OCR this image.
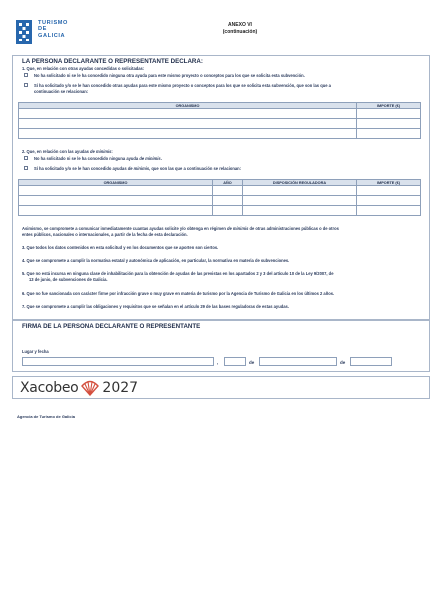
TURISMO
DE
GALICIA
ANEXO VI
(continuación)
LA PERSONA DECLARANTE O REPRESENTANTE DECLARA:
1. Que, en relación con otras ayudas concedidas o solicitadas:
No ha solicitado ni se le ha concedido ninguna otra ayuda para este mismo proyecto o conceptos para los que se solicita esta subvención.
Sí ha solicitado y/o se le han concedido otras ayudas para este mismo proyecto o conceptos para los que se solicita esta subvención, que son las que a
continuación se relacionan:
ORGANISMO	IMPORTE (€)

2. Que, en relación con las ayudas de minimis:
No ha solicitado ni se le ha concedido ninguna ayuda de minimis.
Sí ha solicitado y/o se le han concedido ayudas de minimis, que son las que a continuación se relacionan:
ORGANISMO	AÑO	DISPOSICIÓN REGULADORA	IMPORTE (€)

Asimismo, se compromete a comunicar inmediatamente cuantas ayudas solicite y/o obtenga en régimen de minimis de otras administraciones públicas o de otros
entes públicos, nacionales o internacionales, a partir de la fecha de esta declaración.
3. Que todos los datos contenidos en esta solicitud y en los documentos que se aporten son ciertos.
4. Que se compromete a cumplir la normativa estatal y autonómica de aplicación, en particular, la normativa en materia de subvenciones.
5. Que no está incursa en ninguna clase de inhabilitación para la obtención de ayudas de las previstas en los apartados 2 y 3 del artículo 10 de la Ley 9/2007, de
13 de junio, de subvenciones de Galicia.
6. Que no fue sancionada con carácter firme por infracción grave o muy grave en materia de turismo por la Agencia de Turismo de Galicia en los últimos 2 años.
7. Que se compromete a cumplir las obligaciones y requisitos que se señalan en el artículo 29 de las bases reguladoras de estas ayudas.
FIRMA DE LA PERSONA DECLARANTE O REPRESENTANTE
Lugar y fecha
,	de	de
Xacobeo 2027
Agencia de Turismo de Galicia
